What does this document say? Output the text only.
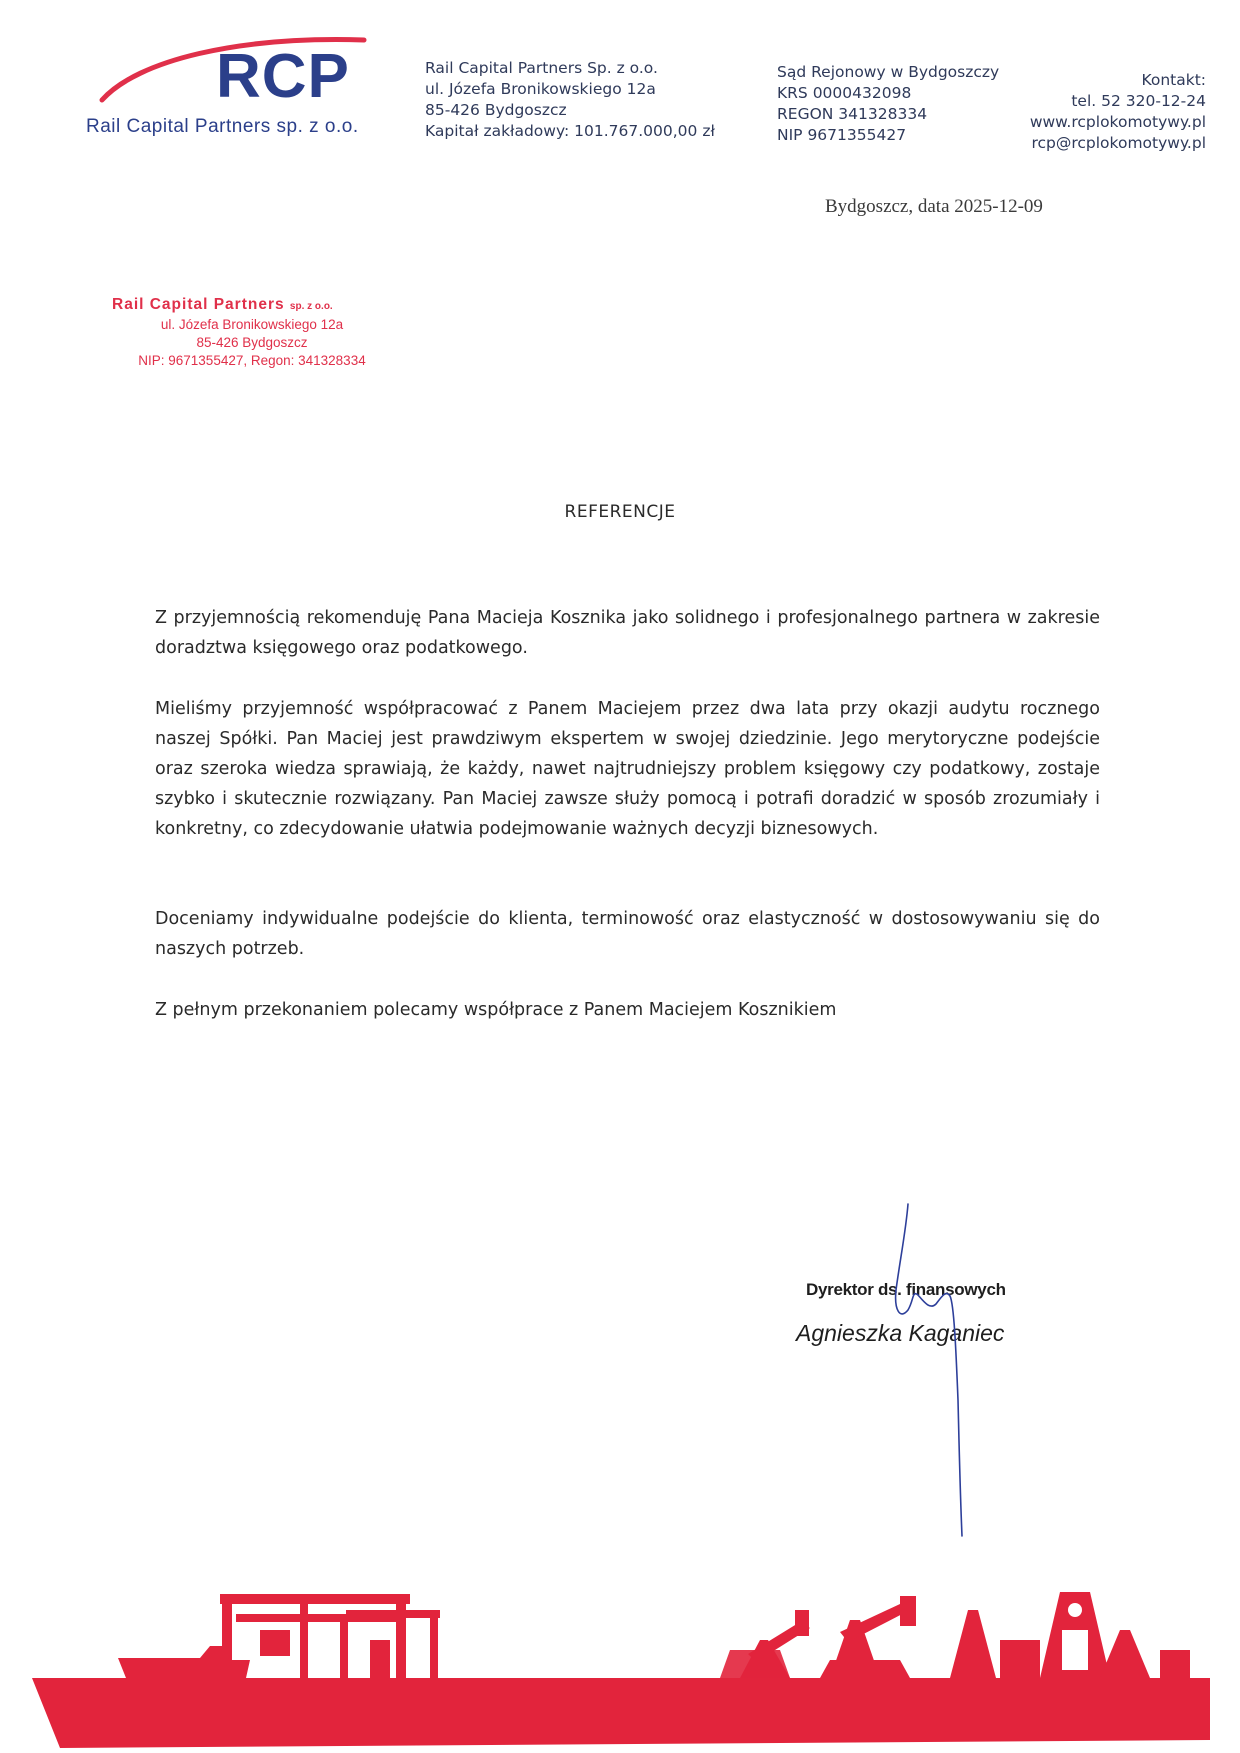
RCP
Rail Capital Partners sp. z o.o.
Rail Capital Partners Sp. z o.o.
ul. Józefa Bronikowskiego 12a
85-426 Bydgoszcz
Kapitał zakładowy: 101.767.000,00 zł
Sąd Rejonowy w Bydgoszczy
KRS 0000432098
REGON 341328334
NIP 9671355427
Kontakt:
tel. 52 320-12-24
www.rcplokomotywy.pl
rcp@rcplokomotywy.pl
Bydgoszcz, data 2025-12-09
Rail Capital Partners sp. z o.o.
ul. Józefa Bronikowskiego 12a
85-426 Bydgoszcz
NIP: 9671355427, Regon: 341328334
REFERENCJE
Z przyjemnością rekomenduję Pana Macieja Kosznika jako solidnego i profesjonalnego partnera w zakresie doradztwa księgowego oraz podatkowego.
Mieliśmy przyjemność współpracować z Panem Maciejem przez dwa lata przy okazji audytu rocznego naszej Spółki. Pan Maciej jest prawdziwym ekspertem w swojej dziedzinie. Jego merytoryczne podejście oraz szeroka wiedza sprawiają, że każdy, nawet najtrudniejszy problem księgowy czy podatkowy, zostaje szybko i skutecznie rozwiązany. Pan Maciej zawsze służy pomocą i potrafi doradzić w sposób zrozumiały i konkretny, co zdecydowanie ułatwia podejmowanie ważnych decyzji biznesowych.
Doceniamy indywidualne podejście do klienta, terminowość oraz elastyczność w dostosowywaniu się do naszych potrzeb.
Z pełnym przekonaniem polecamy współprace z Panem Maciejem Kosznikiem
Dyrektor ds. finansowych
Agnieszka Kaganiec
